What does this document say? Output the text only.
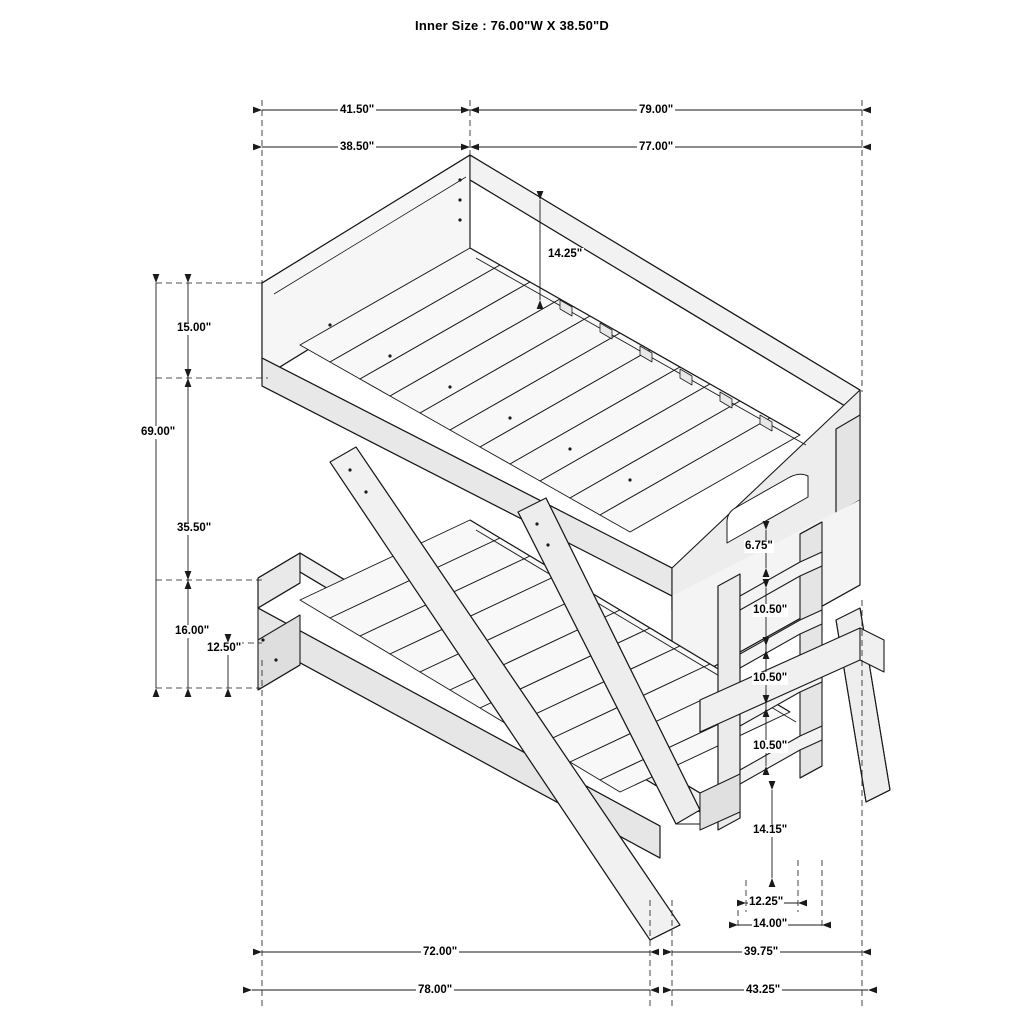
Inner Size : 76.00"W X 38.50"D
41.50"	79.00"
38.50"	77.00"
14.25"
15.00"
69.00"
35.50"
16.00"
12.50"
6.75"
10.50"
10.50"
10.50"
14.15"
12.25"
14.00"
72.00"	39.75"
78.00"	43.25"
